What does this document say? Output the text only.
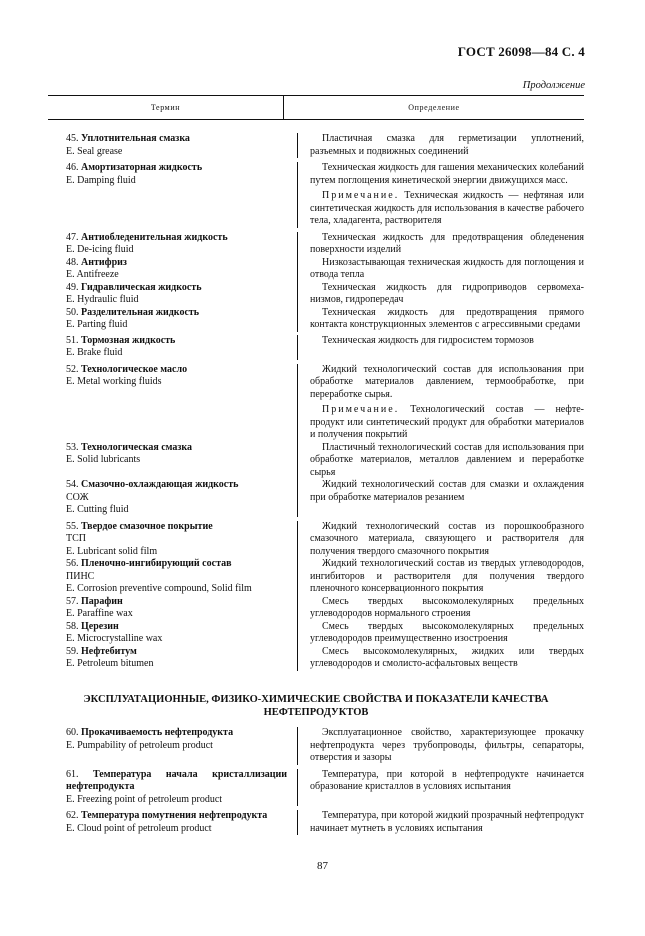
ГОСТ 26098—84 С. 4
Продолжение
Термин	Определение
45. Уплотнительная смазка
E. Seal grease

Пластичная смазка для герметизации уплотнений, разъемных и подвижных соединений

46. Амортизаторная жидкость
E. Damping fluid

Техническая жидкость для гашения механических колебаний путем поглощения кинетической энергии движущихся масс.

Примечание. Техническая жидкость — нефтяная или синтетическая жидкость для использования в качестве рабочего тела, хладагента, растворителя

47. Антиобледенительная жидкость
E. De-icing fluid

Техническая жидкость для предотвращения обледенения поверхности изделий

48. Антифриз
E. Antifreeze

Низкозастывающая техническая жидкость для поглощения и отвода тепла

49. Гидравлическая жидкость
E. Hydraulic fluid

Техническая жидкость для гидроприводов сервомеха-низмов, гидропередач

50. Разделительная жидкость
E. Parting fluid

Техническая жидкость для предотвращения прямого контакта конструкционных элементов с агрессивными средами

51. Тормозная жидкость
E. Brake fluid

Техническая жидкость для гидросистем тормозов

52. Технологическое масло
E. Metal working fluids

Жидкий технологический состав для использования при обработке материалов давлением, термообработке, при переработке сырья.

Примечание. Технологический состав — нефте-продукт или синтетический продукт для обработки материалов и получения покрытий

53. Технологическая смазка
E. Solid lubricants

Пластичный технологический состав для использования при обработке материалов, металлов давлением и переработке сырья

54. Смазочно-охлаждающая жидкость
СОЖ
E. Cutting fluid

Жидкий технологический состав для смазки и охлаждения при обработке материалов резанием

55. Твердое смазочное покрытие
ТСП
E. Lubricant solid film

Жидкий технологический состав из порошкообразного смазочного материала, связующего и растворителя для получения твердого смазочного покрытия

56. Пленочно-ингибирующий состав
ПИНС
E. Corrosion preventive compound, Solid film

Жидкий технологический состав из твердых углеводородов, ингибиторов и растворителя для получения твердого пленочного консервационного покрытия

57. Парафин
E. Paraffine wax

Смесь твердых высокомолекулярных предельных углеводородов нормального строения

58. Церезин
E. Microcrystalline wax

Смесь твердых высокомолекулярных предельных углеводородов преимущественно изостроения

59. Нефтебитум
E. Petroleum bitumen

Смесь высокомолекулярных, жидких или твердых углеводородов и смолисто-асфальтовых веществ

ЭКСПЛУАТАЦИОННЫЕ, ФИЗИКО-ХИМИЧЕСКИЕ СВОЙСТВА И ПОКАЗАТЕЛИ КАЧЕСТВА НЕФТЕПРОДУКТОВ
60. Прокачиваемость нефтепродукта
E. Pumpability of petroleum product

Эксплуатационное свойство, характеризующее прокачку нефтепродукта через трубопроводы, фильтры, сепараторы, отверстия и зазоры

61. Температура начала кристаллизации
нефтепродукта
E. Freezing point of petroleum product

Температура, при которой в нефтепродукте начинается образование кристаллов в условиях испытания

62. Температура помутнения нефтепродукта
E. Cloud point of petroleum product

Температура, при которой жидкий прозрачный нефтепродукт начинает мутнеть в условиях испытания

87
